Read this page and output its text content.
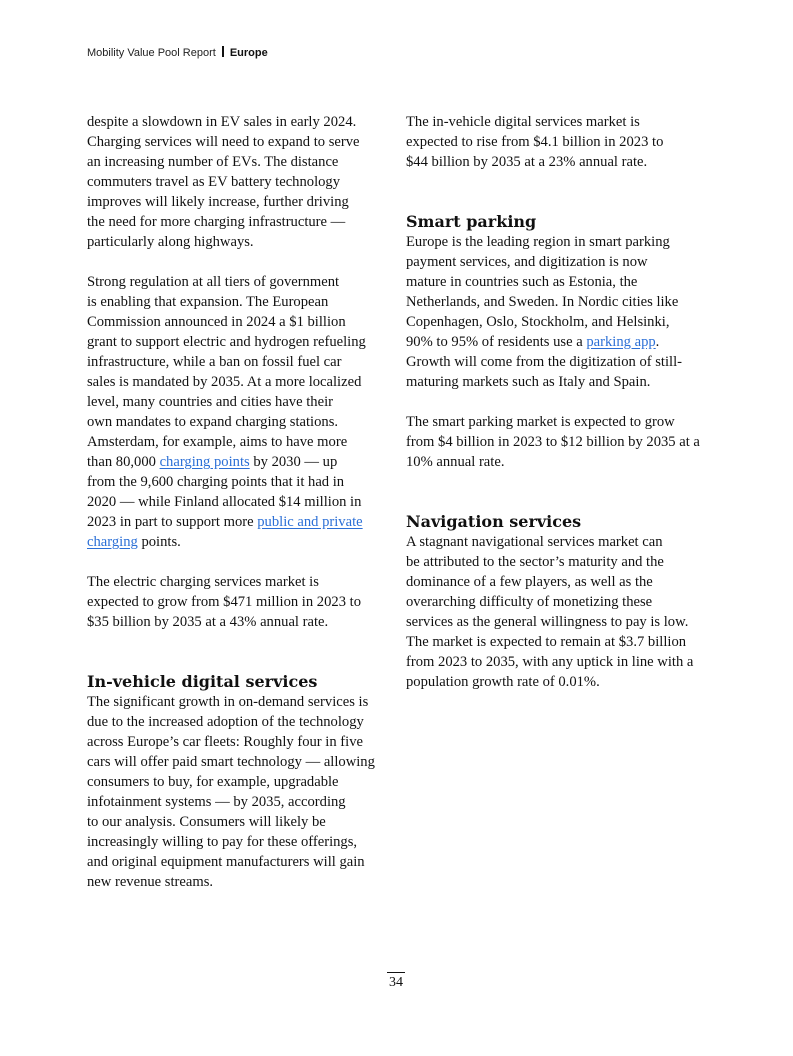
Mobility Value Pool Report Europe
despite a slowdown in EV sales in early 2024.
Charging services will need to expand to serve
an increasing number of EVs. The distance
commuters travel as EV battery technology
improves will likely increase, further driving
the need for more charging infrastructure —
particularly along highways.
Strong regulation at all tiers of government
is enabling that expansion. The European
Commission announced in 2024 a $1 billion
grant to support electric and hydrogen refueling
infrastructure, while a ban on fossil fuel car
sales is mandated by 2035. At a more localized
level, many countries and cities have their
own mandates to expand charging stations.
Amsterdam, for example, aims to have more
than 80,000 charging points by 2030 — up
from the 9,600 charging points that it had in
2020 — while Finland allocated $14 million in
2023 in part to support more public and private
charging points.
The electric charging services market is
expected to grow from $471 million in 2023 to
$35 billion by 2035 at a 43% annual rate.
In-vehicle digital services
The significant growth in on-demand services is
due to the increased adoption of the technology
across Europe’s car fleets: Roughly four in five
cars will offer paid smart technology — allowing
consumers to buy, for example, upgradable
infotainment systems — by 2035, according
to our analysis. Consumers will likely be
increasingly willing to pay for these offerings,
and original equipment manufacturers will gain
new revenue streams.
The in-vehicle digital services market is
expected to rise from $4.1 billion in 2023 to
$44 billion by 2035 at a 23% annual rate.
Smart parking
Europe is the leading region in smart parking
payment services, and digitization is now
mature in countries such as Estonia, the
Netherlands, and Sweden. In Nordic cities like
Copenhagen, Oslo, Stockholm, and Helsinki,
90% to 95% of residents use a parking app.
Growth will come from the digitization of still-
maturing markets such as Italy and Spain.
The smart parking market is expected to grow
from $4 billion in 2023 to $12 billion by 2035 at a
10% annual rate.
Navigation services
A stagnant navigational services market can
be attributed to the sector’s maturity and the
dominance of a few players, as well as the
overarching difficulty of monetizing these
services as the general willingness to pay is low.
The market is expected to remain at $3.7 billion
from 2023 to 2035, with any uptick in line with a
population growth rate of 0.01%.
34
